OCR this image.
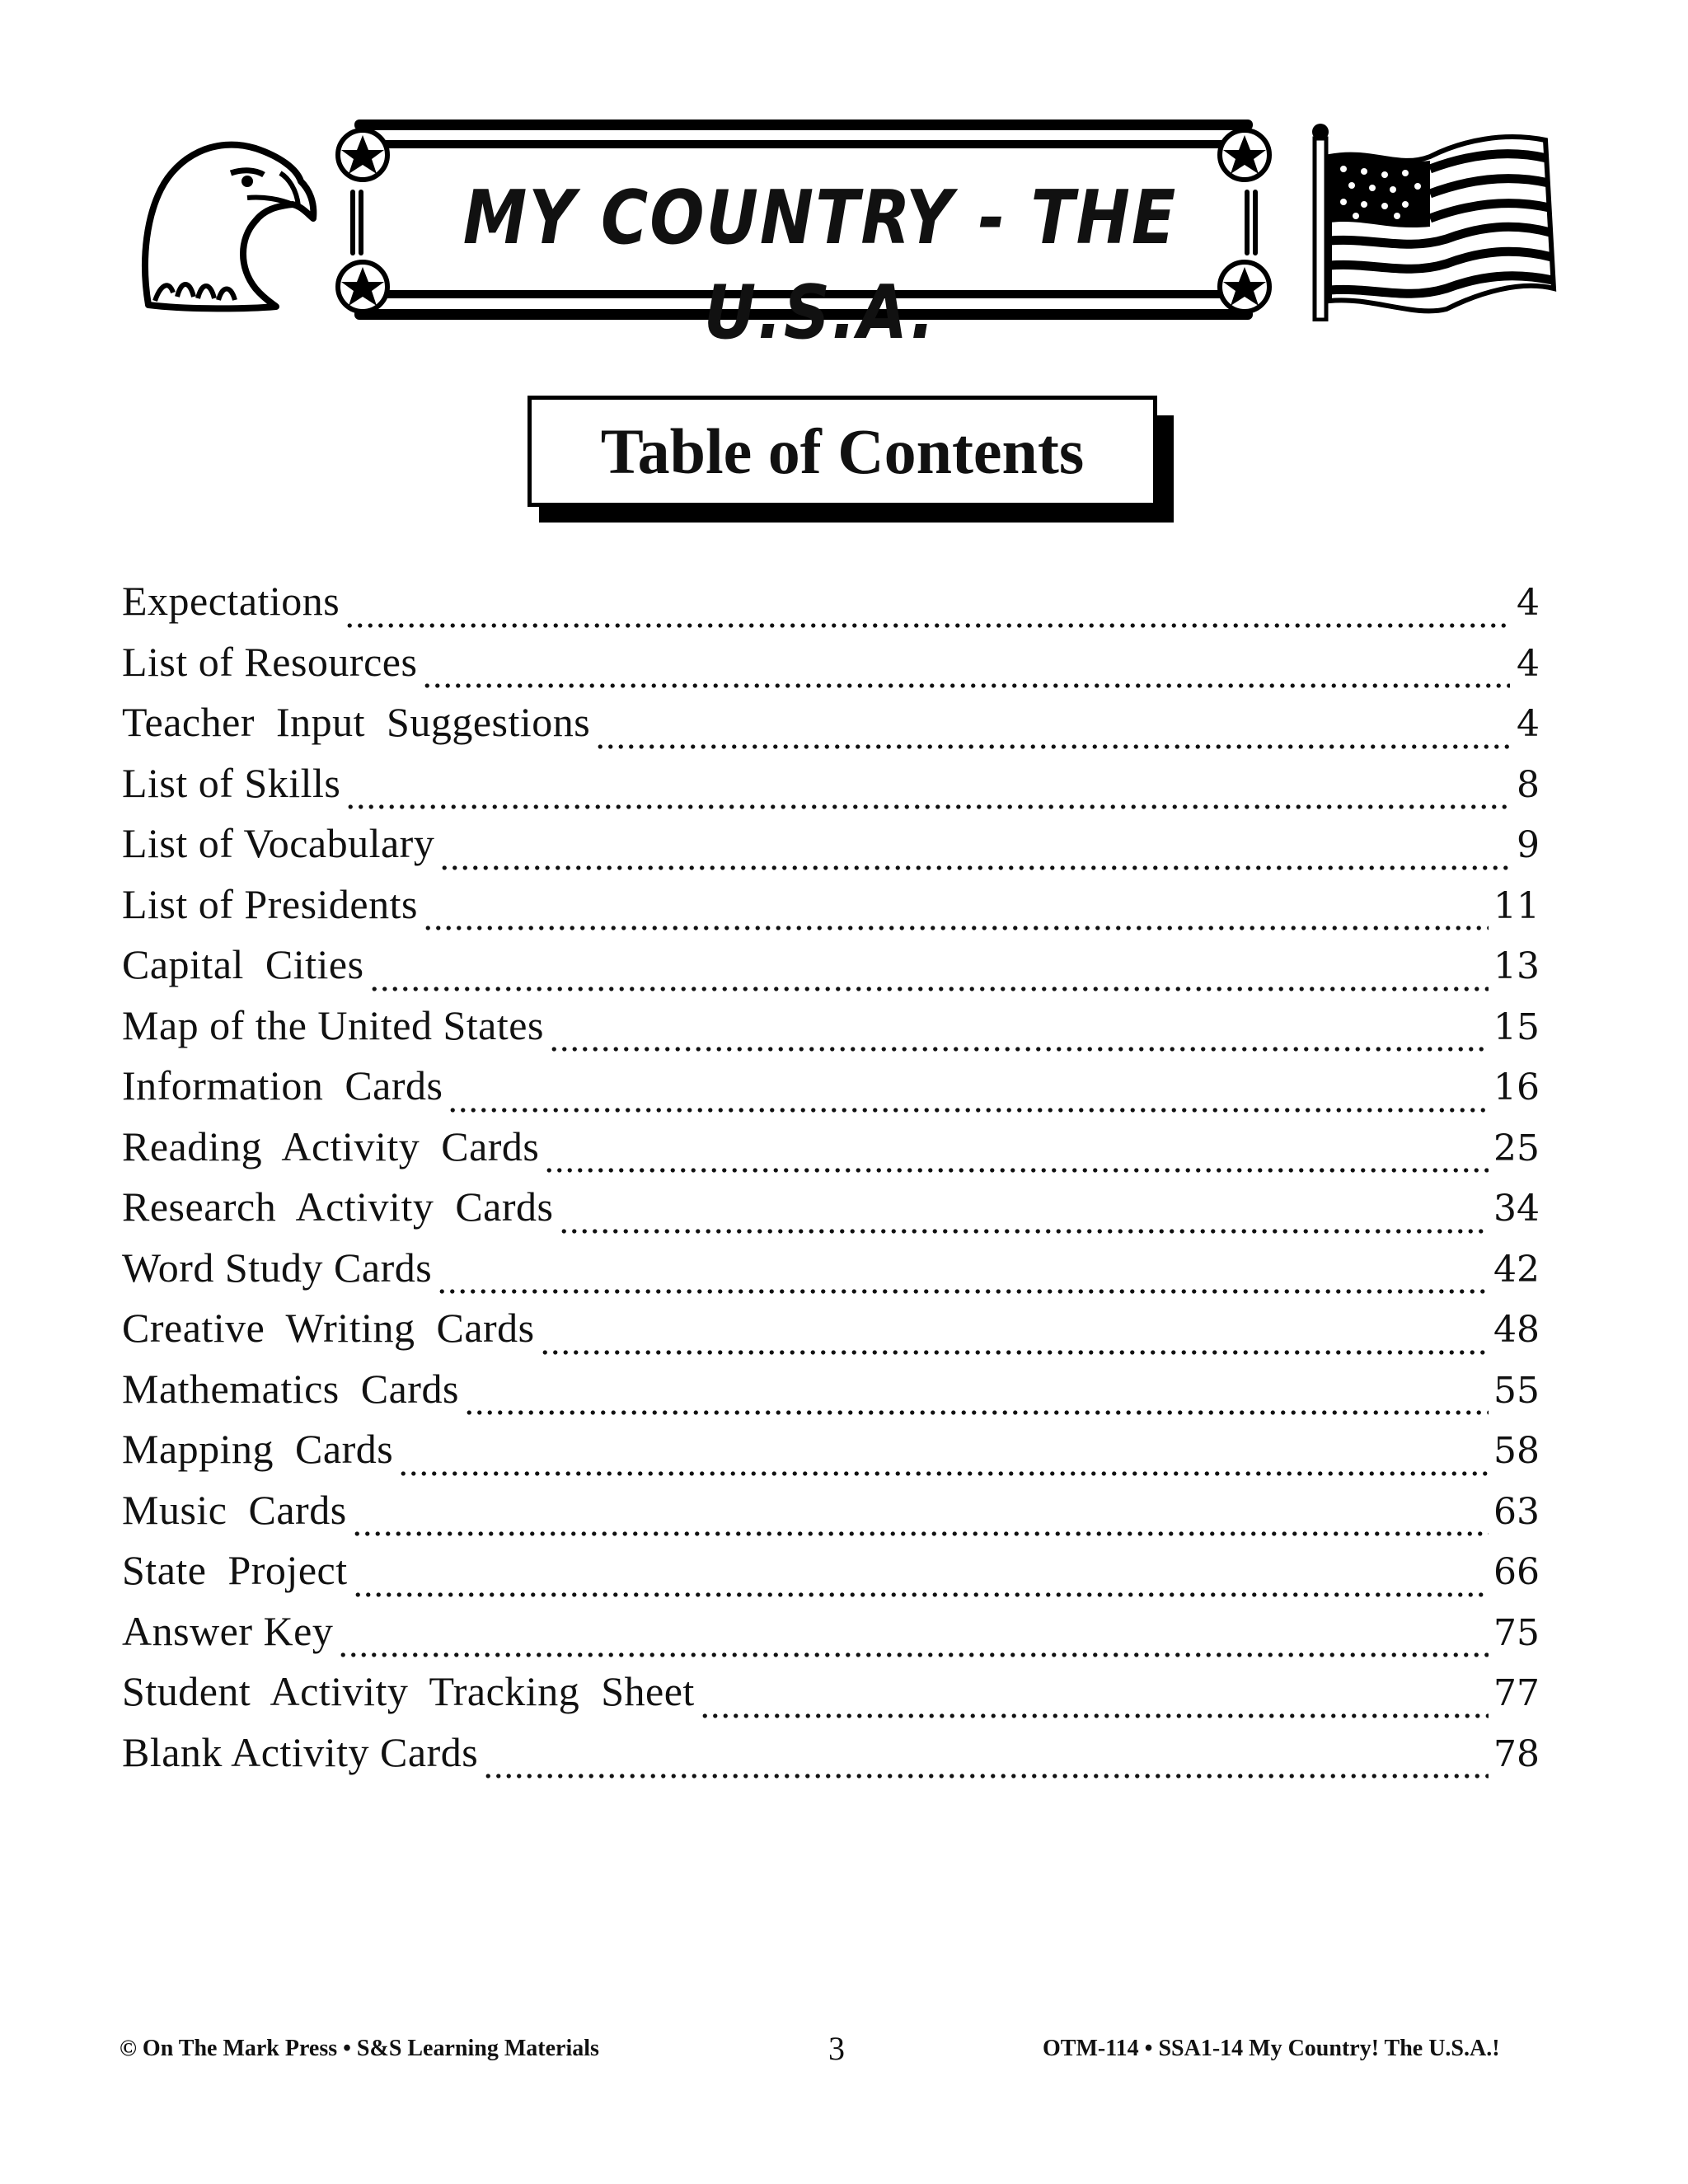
MY COUNTRY - THE U.S.A.
Table of Contents
Expectations	4
List of Resources	4
Teacher  Input  Suggestions	4
List of Skills	8
List of Vocabulary	9
List of Presidents	11
Capital  Cities	13
Map of the United States	15
Information  Cards	16
Reading  Activity  Cards	25
Research  Activity  Cards	34
Word Study Cards	42
Creative  Writing  Cards	48
Mathematics  Cards	55
Mapping  Cards	58
Music  Cards	63
State  Project	66
Answer Key	75
Student  Activity  Tracking  Sheet	77
Blank Activity Cards	78
© On The Mark Press • S&S Learning Materials	3	OTM-114 • SSA1-14 My Country! The U.S.A.!
